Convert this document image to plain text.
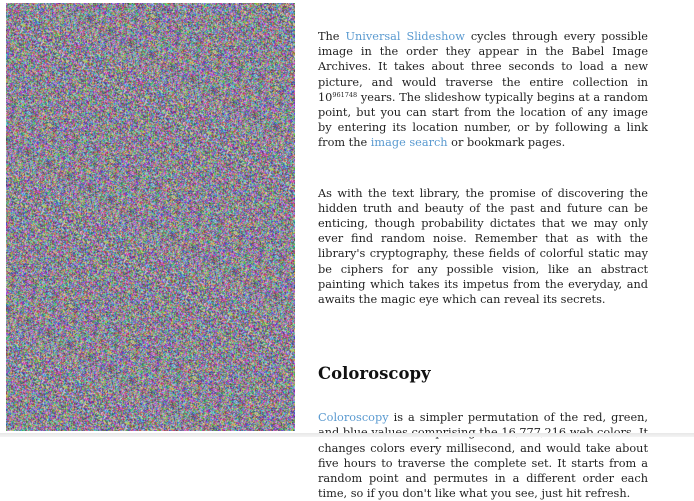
The Universal Slideshow cycles through every possible image in the order they appear in the Babel Image Archives. It takes about three seconds to load a new picture, and would traverse the entire collection in $10^{961748}$ years. The slideshow typically begins at a random point, but you can start from the location of any image by entering its location number, or by following a link from the image search or bookmark pages.

As with the text library, the promise of discovering the hidden truth and beauty of the past and future can be enticing, though probability dictates that we may only ever find random noise. Remember that as with the library's cryptography, these fields of colorful static may be ciphers for any possible vision, like an abstract painting which takes its impetus from the everyday, and awaits the magic eye which can reveal its secrets.

Coloroscopy

Coloroscopy is a simpler permutation of the red, green, changes colors every millisecond, and would take about five hours to traverse the complete set. It starts from a random point and permutes in a different order each time, so if you don't like what you see, just hit refresh.
